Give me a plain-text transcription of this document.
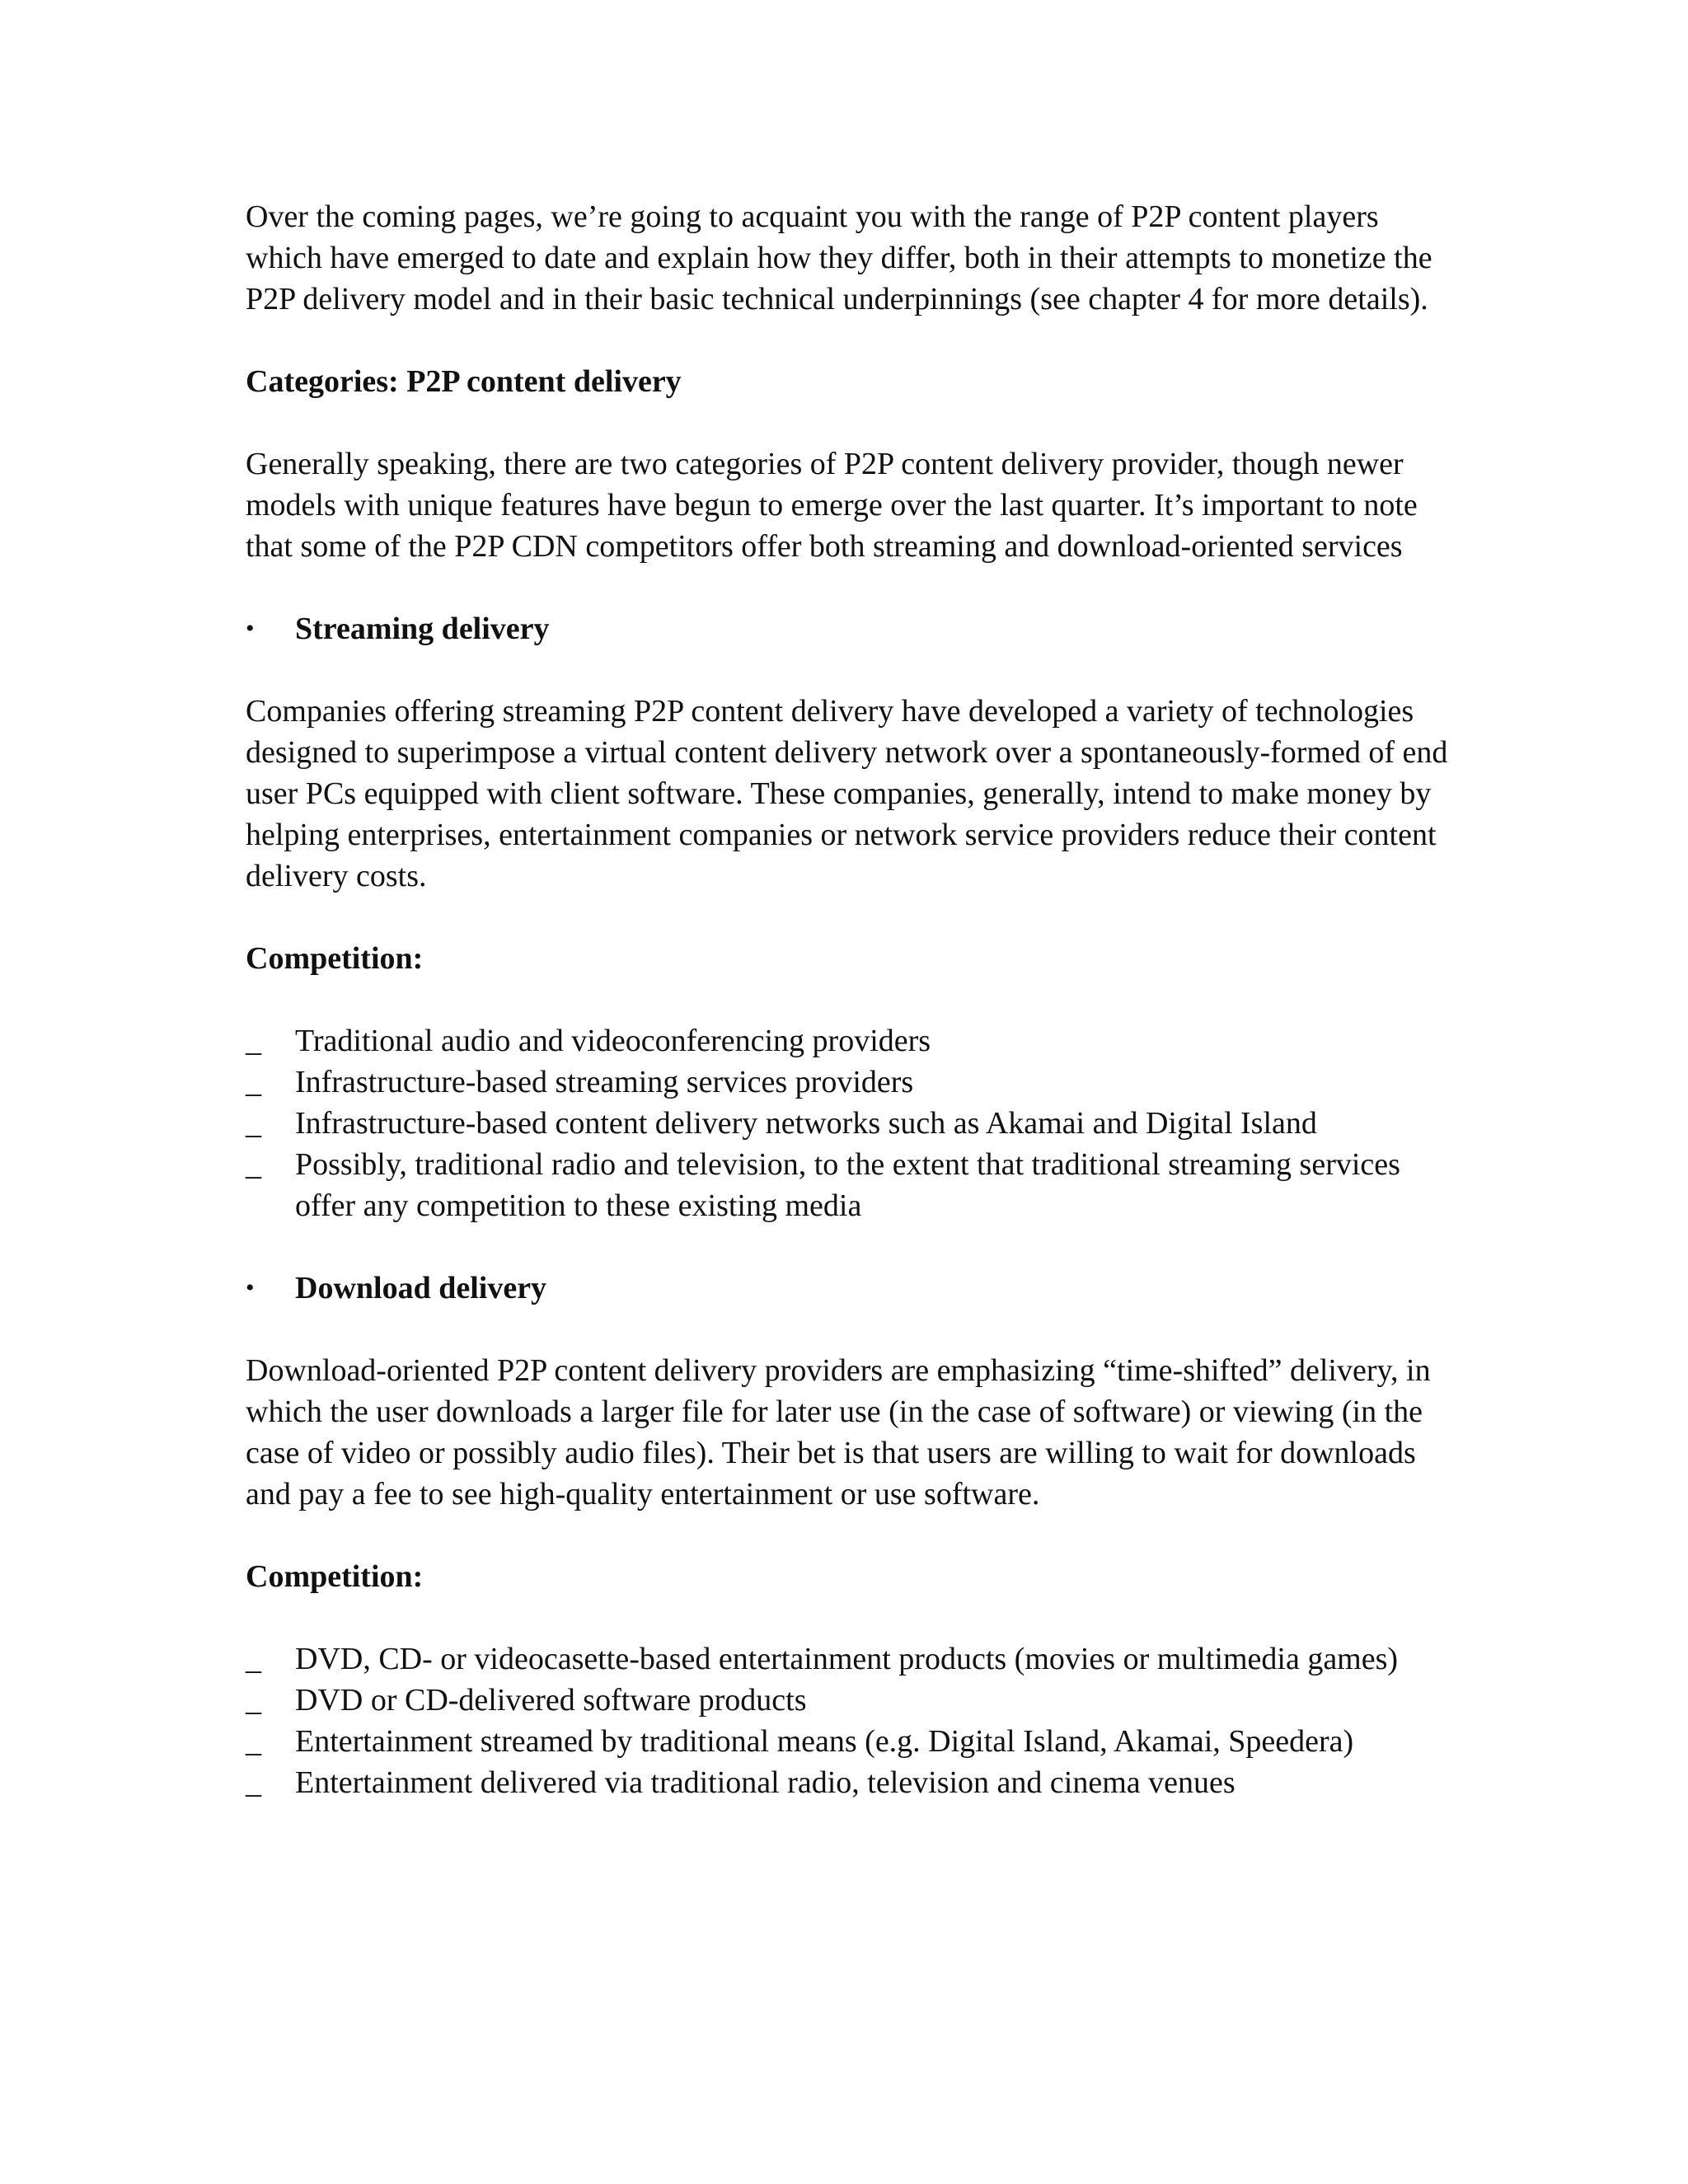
Over the coming pages, we’re going to acquaint you with the range of P2P content players which have emerged to date and explain how they differ, both in their attempts to monetize the P2P delivery model and in their basic technical underpinnings (see chapter 4 for more details).

Categories: P2P content delivery

Generally speaking, there are two categories of P2P content delivery provider, though newer models with unique features have begun to emerge over the last quarter. It’s important to note that some of the P2P CDN competitors offer both streaming and download-oriented services

• Streaming delivery

Companies offering streaming P2P content delivery have developed a variety of technologies designed to superimpose a virtual content delivery network over a spontaneously-formed of end user PCs equipped with client software. These companies, generally, intend to make money by helping enterprises, entertainment companies or network service providers reduce their content delivery costs.

Competition:
_ Traditional audio and videoconferencing providers
_ Infrastructure-based streaming services providers
_ Infrastructure-based content delivery networks such as Akamai and Digital Island
_ Possibly, traditional radio and television, to the extent that traditional streaming services offer any competition to these existing media
• Download delivery

Download-oriented P2P content delivery providers are emphasizing “time-shifted” delivery, in which the user downloads a larger file for later use (in the case of software) or viewing (in the case of video or possibly audio files). Their bet is that users are willing to wait for downloads and pay a fee to see high-quality entertainment or use software.

Competition:
_ DVD, CD- or videocasette-based entertainment products (movies or multimedia games)
_ DVD or CD-delivered software products
_ Entertainment streamed by traditional means (e.g. Digital Island, Akamai, Speedera)
_ Entertainment delivered via traditional radio, television and cinema venues
